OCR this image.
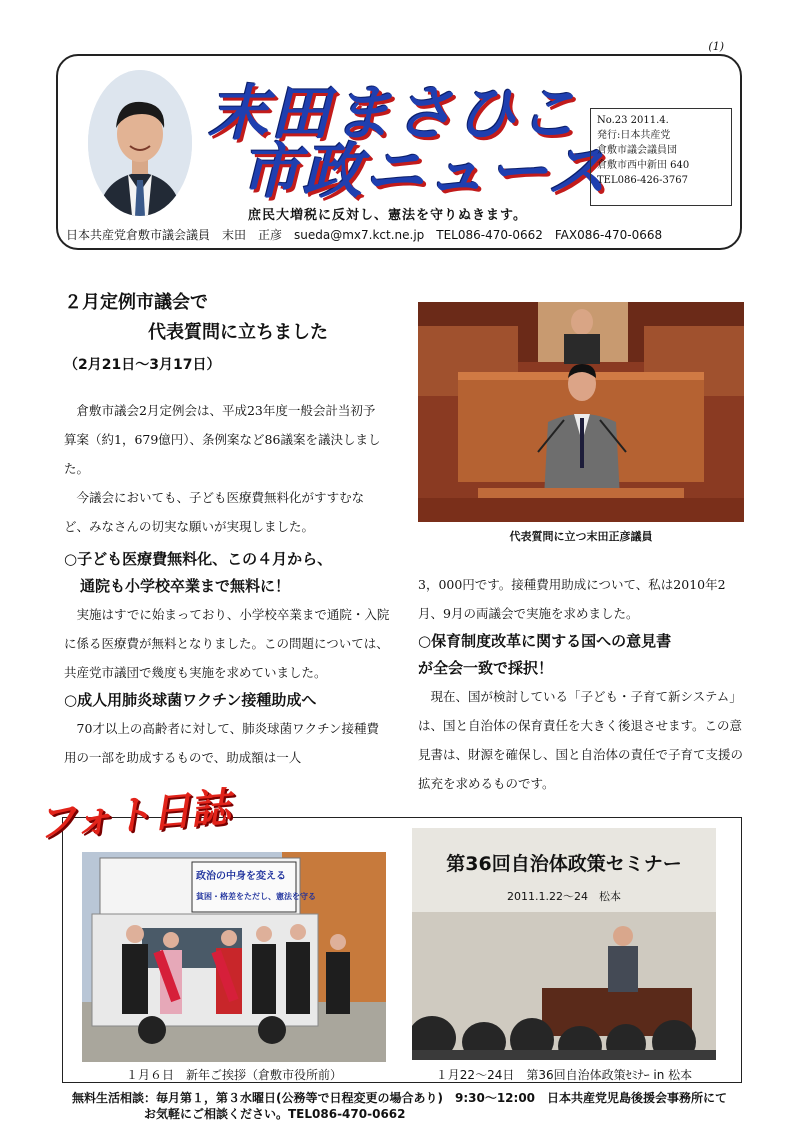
(1)
末田まさひこ
市政ニュース
No.23 2011.4.
発行:日本共産党
倉敷市議会議員団
倉敷市西中新田 640
TEL086-426-3767
庶民大増税に反対し、憲法を守りぬきます。
日本共産党倉敷市議会議員　末田　正彦　sueda@mx7.kct.ne.jp　TEL086-470-0662　FAX086-470-0668
２月定例市議会で
代表質問に立ちました
（2月21日～3月17日）

倉敷市議会2月定例会は、平成23年度一般会計当初予算案（約1，679億円）、条例案など86議案を議決しました。

今議会においても、子ども医療費無料化がすすむなど、みなさんの切実な願いが実現しました。

代表質問に立つ末田正彦議員
○子ども医療費無料化、この４月から、
通院も小学校卒業まで無料に！

実施はすでに始まっており、小学校卒業まで通院・入院に係る医療費が無料となりました。この問題については、共産党市議団で幾度も実施を求めていました。

○成人用肺炎球菌ワクチン接種助成へ

70才以上の高齢者に対して、肺炎球菌ワクチン接種費用の一部を助成するもので、助成額は一人

3，000円です。接種費用助成について、私は2010年2月、9月の両議会で実施を求めました。

○保育制度改革に関する国への意見書
が全会一致で採択！

現在、国が検討している「子ども・子育て新システム」は、国と自治体の保育責任を大きく後退させます。この意見書は、財源を確保し、国と自治体の責任で子育て支援の拡充を求めるものです。

フォト日誌
政治の中身を変える
貧困・格差をただし、憲法を守る
第36回自治体政策セミナー
2011.1.22～24　松本
１月６日　新年ご挨拶（倉敷市役所前）	１月22～24日　第36回自治体政策ｾﾐﾅｰ in 松本
無料生活相談：毎月第１，第３水曜日(公務等で日程変更の場合あり)　9:30～12:00　日本共産党児島後援会事務所にて
お気軽にご相談ください。TEL086-470-0662
